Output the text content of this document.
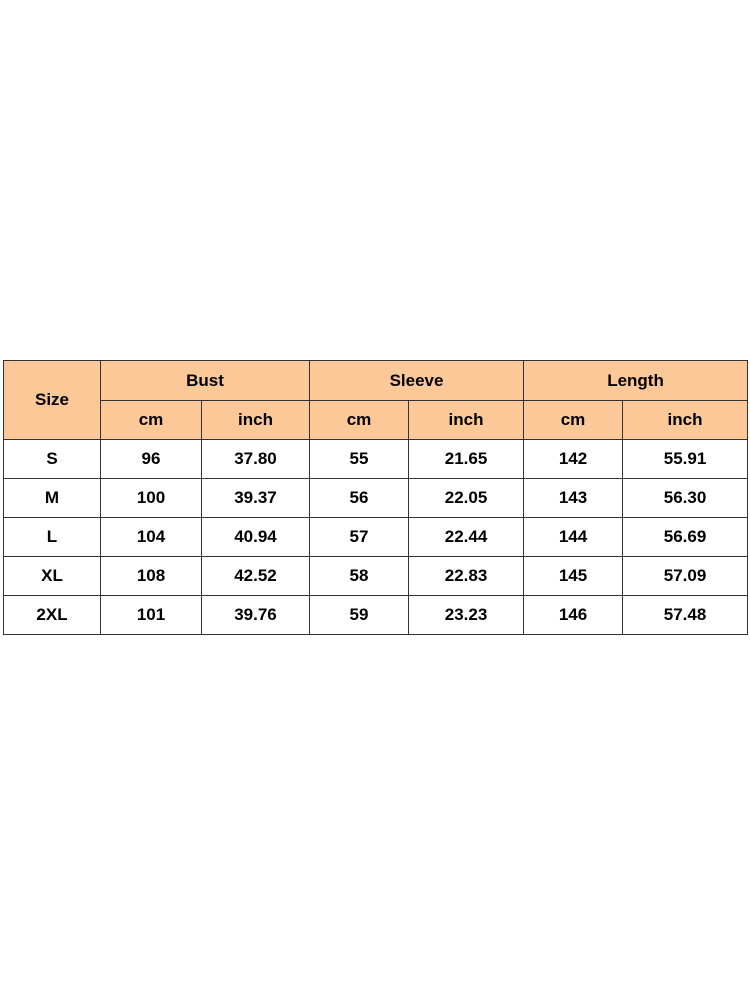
Size	Bust		Sleeve		Length	
	cm	inch	cm	inch	cm	inch
S	96	37.80	55	21.65	142	55.91
M	100	39.37	56	22.05	143	56.30
L	104	40.94	57	22.44	144	56.69
XL	108	42.52	58	22.83	145	57.09
2XL	101	39.76	59	23.23	146	57.48
